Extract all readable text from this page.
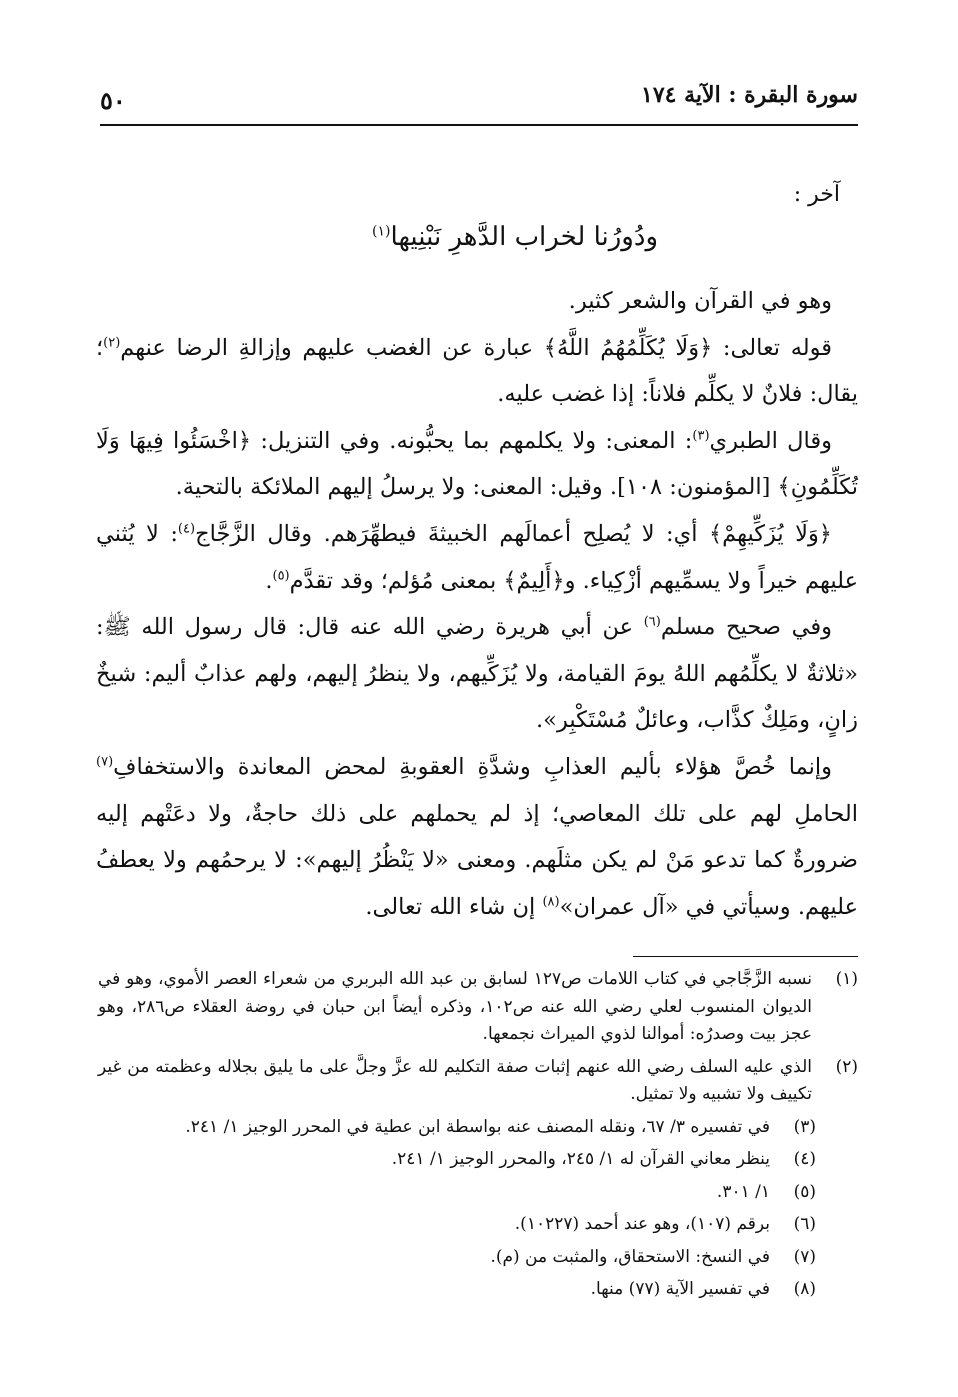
سورة البقرة : الآية ١٧٤
٥٠
آخر :
ودُورُنا لخراب الدَّهرِ نَبْنِيها$^{(١)}$

وهو في القرآن والشعر كثير.

قوله تعالى: ﴿وَلَا يُكَلِّمُهُمُ اللَّهُ﴾ عبارة عن الغضب عليهم وإزالةِ الرضا عنهم$^{(٢)}$؛ يقال: فلانٌ لا يكلِّم فلاناً: إذا غضب عليه.

وقال الطبري$^{(٣)}$: المعنى: ولا يكلمهم بما يحبُّونه. وفي التنزيل: ﴿اخْسَئُوا فِيهَا وَلَا تُكَلِّمُونِ﴾ [المؤمنون: ١٠٨]. وقيل: المعنى: ولا يرسلُ إليهم الملائكة بالتحية.

﴿وَلَا يُزَكِّيهِمْ﴾ أي: لا يُصلِح أعمالَهم الخبيثةَ فيطهِّرَهم. وقال الزَّجَّاج$^{(٤)}$: لا يُثني عليهم خيراً ولا يسمِّيهم أزْكِياء. و﴿أَلِيمٌ﴾ بمعنى مُؤلم؛ وقد تقدَّم$^{(٥)}$.

وفي صحيح مسلم$^{(٦)}$ عن أبي هريرة رضي الله عنه قال: قال رسول الله ﷺ: «ثلاثةٌ لا يكلِّمُهم اللهُ يومَ القيامة، ولا يُزَكِّيهم، ولا ينظرُ إليهم، ولهم عذابٌ أليم: شيخٌ زانٍ، ومَلِكٌ كذَّاب، وعائلٌ مُسْتَكْبِر».

وإنما خُصَّ هؤلاء بأليم العذابِ وشدَّةِ العقوبةِ لمحض المعاندة والاستخفافِ$^{(٧)}$ الحاملِ لهم على تلك المعاصي؛ إذ لم يحملهم على ذلك حاجةٌ، ولا دعَتْهم إليه ضرورةٌ كما تدعو مَنْ لم يكن مثلَهم. ومعنى «لا يَنْظُرُ إليهم»: لا يرحمُهم ولا يعطفُ عليهم. وسيأتي في «آل عمران»$^{(٨)}$ إن شاء الله تعالى.

(١)
نسبه الزَّجَّاجي في كتاب اللامات ص١٢٧ لسابق بن عبد الله البربري من شعراء العصر الأموي، وهو في الديوان المنسوب لعلي رضي الله عنه ص١٠٢، وذكره أيضاً ابن حبان في روضة العقلاء ص٢٨٦، وهو عجز بيت وصدرُه: أموالنا لذوي الميراث نجمعها.

(٢)
الذي عليه السلف رضي الله عنهم إثبات صفة التكليم لله عزَّ وجلَّ على ما يليق بجلاله وعظمته من غير تكييف ولا تشبيه ولا تمثيل.

(٣)
في تفسيره ٣/ ٦٧، ونقله المصنف عنه بواسطة ابن عطية في المحرر الوجيز ١/ ٢٤١.

(٤)
ينظر معاني القرآن له ١/ ٢٤٥، والمحرر الوجيز ١/ ٢٤١.

(٥)
١/ ٣٠١.

(٦)
برقم (١٠٧)، وهو عند أحمد (١٠٢٢٧).

(٧)
في النسخ: الاستحقاق، والمثبت من (م).

(٨)
في تفسير الآية (٧٧) منها.
